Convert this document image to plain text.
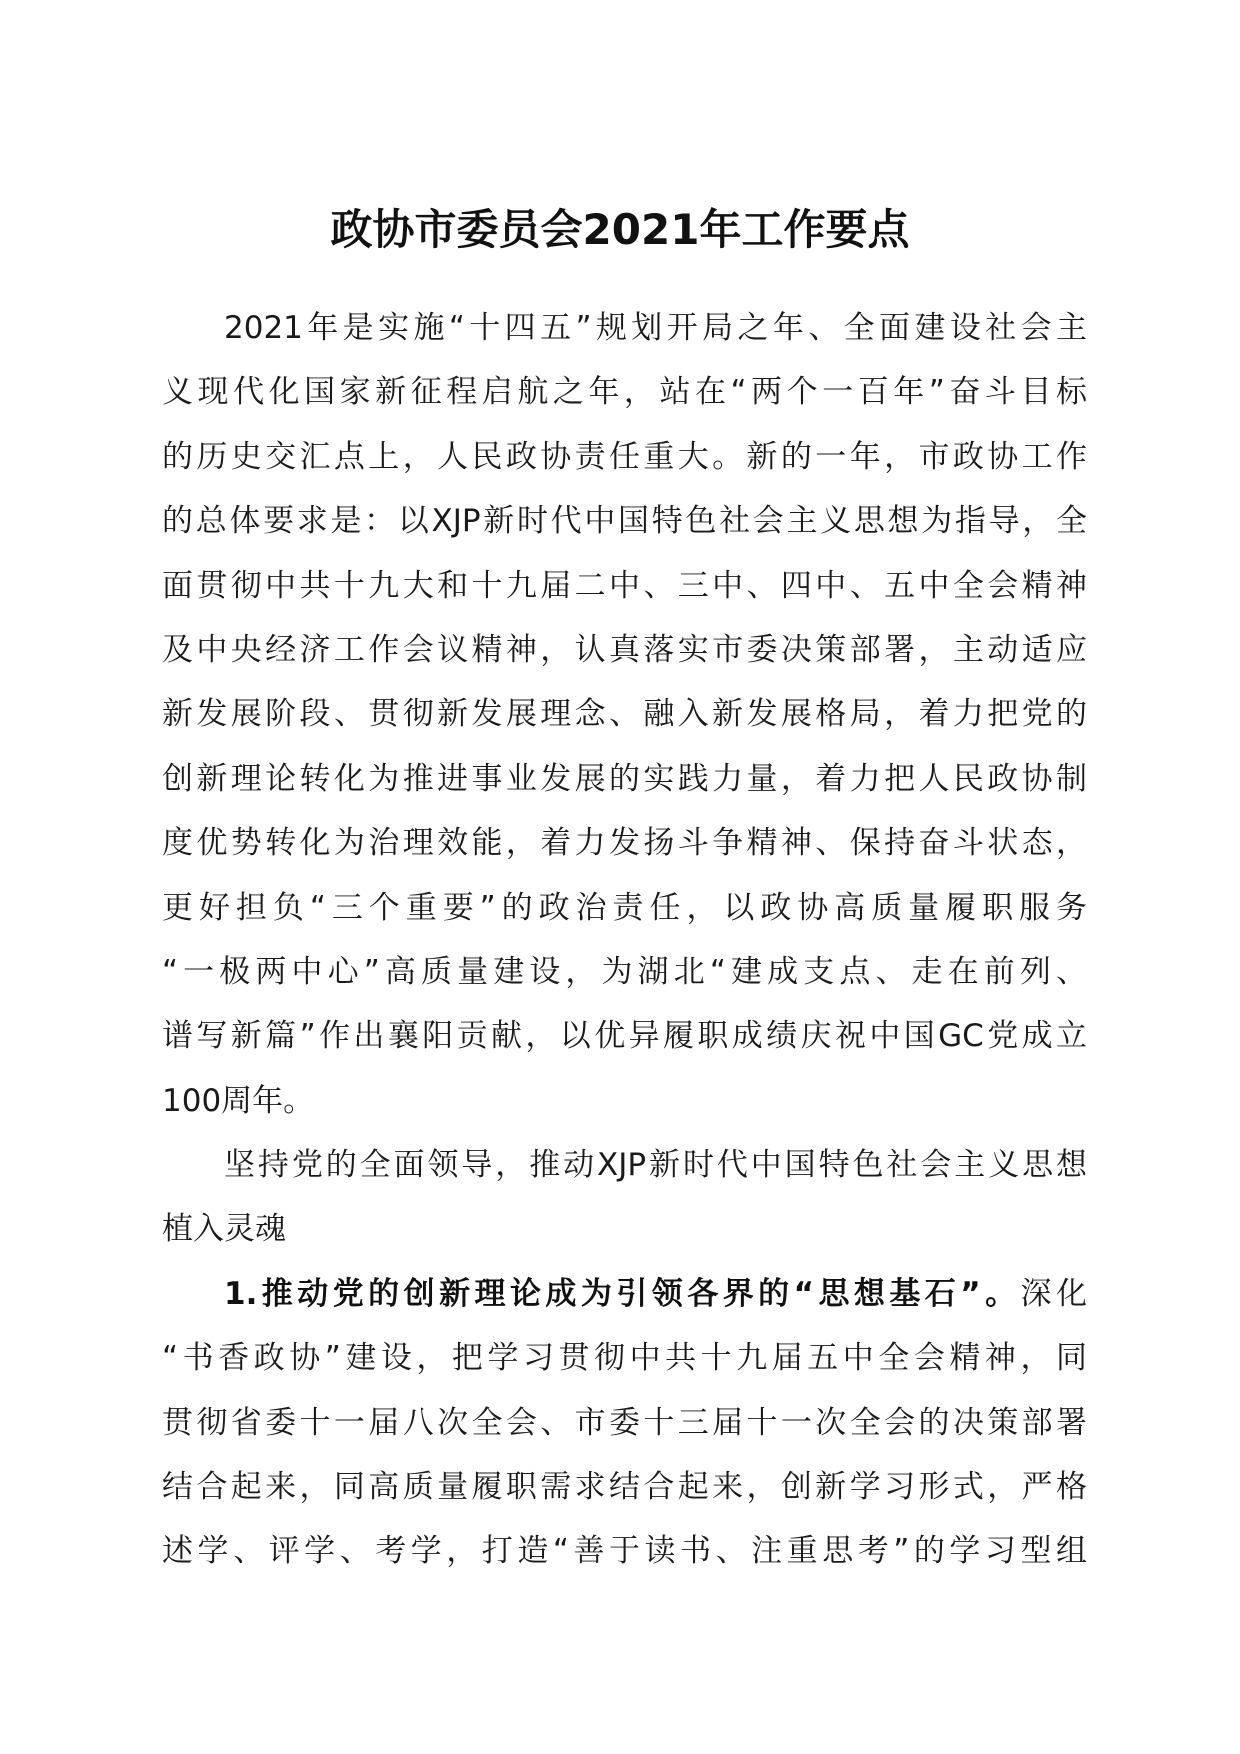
政协市委员会2021年工作要点
2021年是实施“十四五”规划开局之年、全面建设社会主
义现代化国家新征程启航之年，站在“两个一百年”奋斗目标
的历史交汇点上，人民政协责任重大。新的一年，市政协工作
的总体要求是：以XJP新时代中国特色社会主义思想为指导，全
面贯彻中共十九大和十九届二中、三中、四中、五中全会精神
及中央经济工作会议精神，认真落实市委决策部署，主动适应
新发展阶段、贯彻新发展理念、融入新发展格局，着力把党的
创新理论转化为推进事业发展的实践力量，着力把人民政协制
度优势转化为治理效能，着力发扬斗争精神、保持奋斗状态，
更好担负“三个重要”的政治责任，以政协高质量履职服务
“一极两中心”高质量建设，为湖北“建成支点、走在前列、
谱写新篇”作出襄阳贡献，以优异履职成绩庆祝中国GC党成立
100周年。
坚持党的全面领导，推动XJP新时代中国特色社会主义思想
植入灵魂
1.推动党的创新理论成为引领各界的“思想基石”。深化
“书香政协”建设，把学习贯彻中共十九届五中全会精神，同
贯彻省委十一届八次全会、市委十三届十一次全会的决策部署
结合起来，同高质量履职需求结合起来，创新学习形式，严格
述学、评学、考学，打造“善于读书、注重思考”的学习型组
